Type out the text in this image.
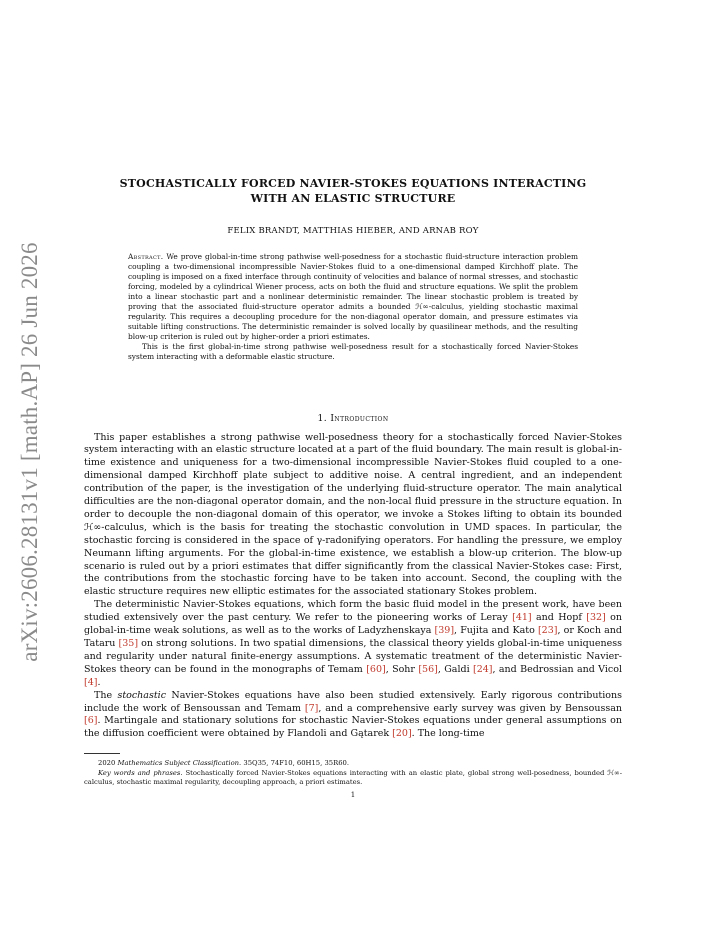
arXiv:2606.28131v1 [math.AP] 26 Jun 2026
STOCHASTICALLY FORCED NAVIER-STOKES EQUATIONS INTERACTING
WITH AN ELASTIC STRUCTURE
FELIX BRANDT, MATTHIAS HIEBER, AND ARNAB ROY

Abstract. We prove global-in-time strong pathwise well-posedness for a stochastic fluid-structure interaction problem coupling a two-dimensional incompressible Navier-Stokes fluid to a one-dimensional damped Kirchhoff plate. The coupling is imposed on a fixed interface through continuity of velocities and balance of normal stresses, and stochastic forcing, modeled by a cylindrical Wiener process, acts on both the fluid and structure equations. We split the problem into a linear stochastic part and a nonlinear deterministic remainder. The linear stochastic problem is treated by proving that the associated fluid-structure operator admits a bounded ℋ∞-calculus, yielding stochastic maximal regularity. This requires a decoupling procedure for the non-diagonal operator domain, and pressure estimates via suitable lifting constructions. The deterministic remainder is solved locally by quasilinear methods, and the resulting blow-up criterion is ruled out by higher-order a priori estimates.

This is the first global-in-time strong pathwise well-posedness result for a stochastically forced Navier-Stokes system interacting with a deformable elastic structure.

1. Introduction

This paper establishes a strong pathwise well-posedness theory for a stochastically forced Navier-Stokes system interacting with an elastic structure located at a part of the fluid boundary. The main result is global-in-time existence and uniqueness for a two-dimensional incompressible Navier-Stokes fluid coupled to a one-dimensional damped Kirchhoff plate subject to additive noise. A central ingredient, and an independent contribution of the paper, is the investigation of the underlying fluid-structure operator. The main analytical difficulties are the non-diagonal operator domain, and the non-local fluid pressure in the structure equation. In order to decouple the non-diagonal domain of this operator, we invoke a Stokes lifting to obtain its bounded ℋ∞-calculus, which is the basis for treating the stochastic convolution in UMD spaces. In particular, the stochastic forcing is considered in the space of γ-radonifying operators. For handling the pressure, we employ Neumann lifting arguments. For the global-in-time existence, we establish a blow-up criterion. The blow-up scenario is ruled out by a priori estimates that differ significantly from the classical Navier-Stokes case: First, the contributions from the stochastic forcing have to be taken into account. Second, the coupling with the elastic structure requires new elliptic estimates for the associated stationary Stokes problem.

The deterministic Navier-Stokes equations, which form the basic fluid model in the present work, have been studied extensively over the past century. We refer to the pioneering works of Leray [41] and Hopf [32] on global-in-time weak solutions, as well as to the works of Ladyzhenskaya [39], Fujita and Kato [23], or Koch and Tataru [35] on strong solutions. In two spatial dimensions, the classical theory yields global-in-time uniqueness and regularity under natural finite-energy assumptions. A systematic treatment of the deterministic Navier-Stokes theory can be found in the monographs of Temam [60], Sohr [56], Galdi [24], and Bedrossian and Vicol [4].

The stochastic Navier-Stokes equations have also been studied extensively. Early rigorous contributions include the work of Bensoussan and Temam [7], and a comprehensive early survey was given by Bensoussan [6]. Martingale and stationary solutions for stochastic Navier-Stokes equations under general assumptions on the diffusion coefficient were obtained by Flandoli and Gątarek [20]. The long-time

2020 Mathematics Subject Classification. 35Q35, 74F10, 60H15, 35R60.

Key words and phrases. Stochastically forced Navier-Stokes equations interacting with an elastic plate, global strong well-posedness, bounded ℋ∞-calculus, stochastic maximal regularity, decoupling approach, a priori estimates.

1
